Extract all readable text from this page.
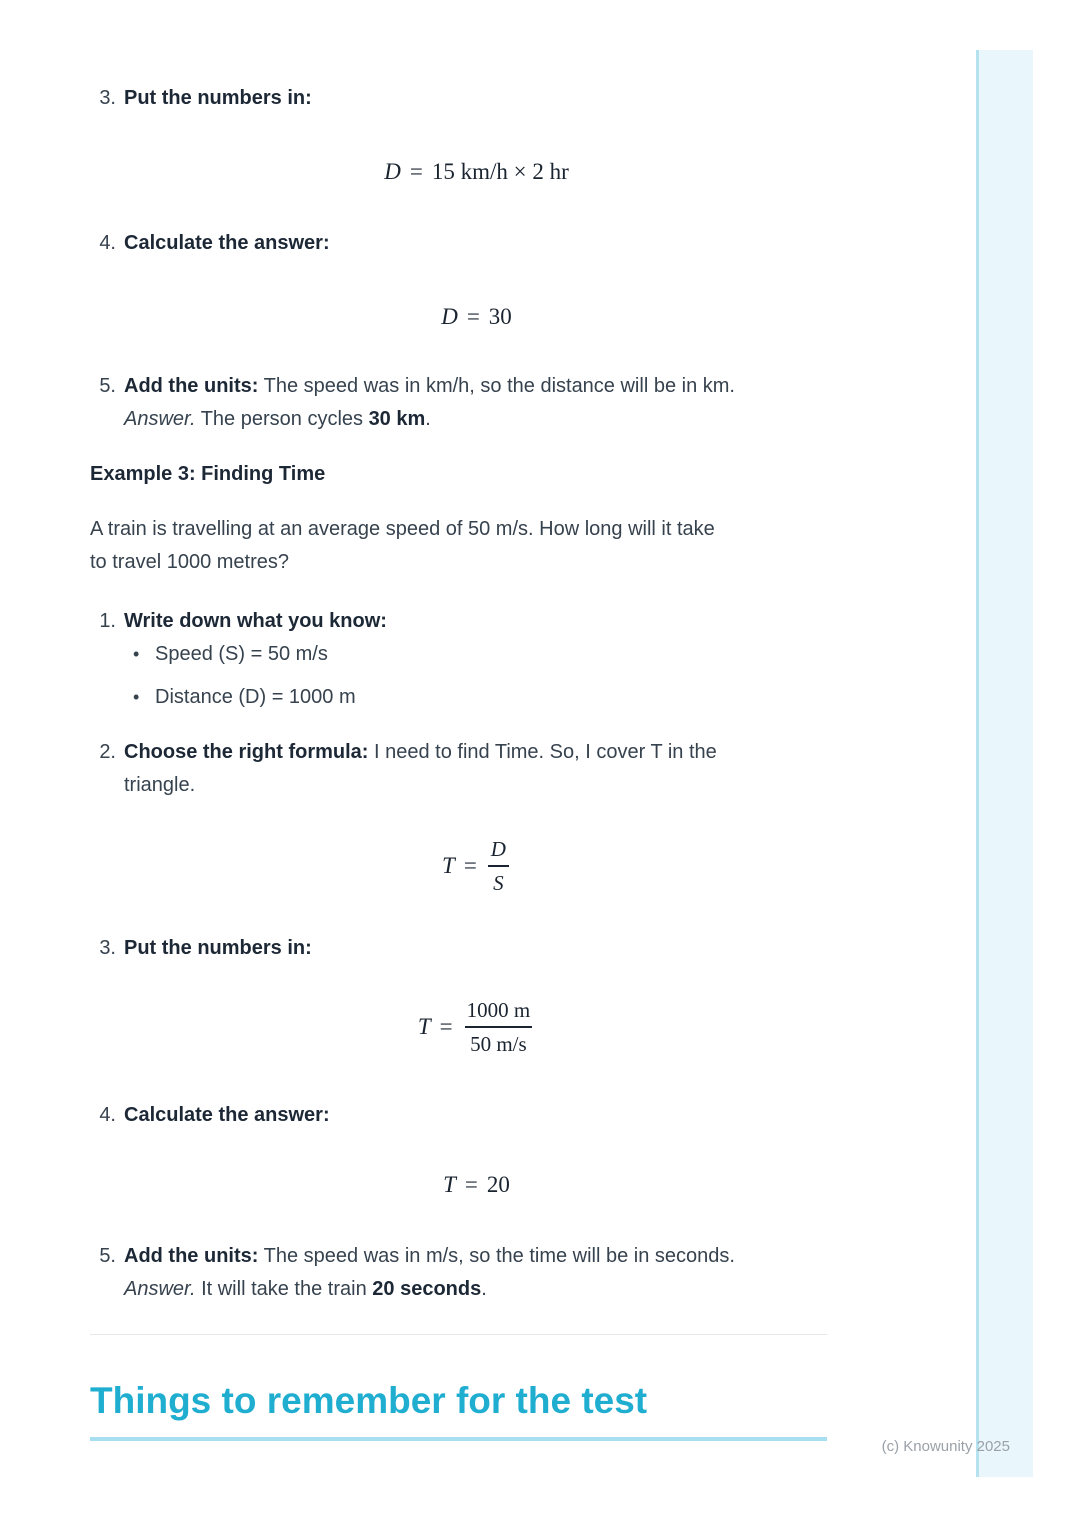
3. Put the numbers in:
D = 15 km/h × 2 hr
4. Calculate the answer:
D = 30
5. Add the units: The speed was in km/h, so the distance will be in km.
Answer. The person cycles 30 km.
Example 3: Finding Time

A train is travelling at an average speed of 50 m/s. How long will it take
to travel 1000 metres?

1. Write down what you know:
• Speed (S) = 50 m/s
• Distance (D) = 1000 m
2. Choose the right formula: I need to find Time. So, I cover T in the
triangle.
$T = \frac{D}{S}$
3. Put the numbers in:
$T = \frac{1000 m}{50 m/s}$
4. Calculate the answer:
T = 20
5. Add the units: The speed was in m/s, so the time will be in seconds.
Answer. It will take the train 20 seconds.
Things to remember for the test
(c) Knowunity 2025
